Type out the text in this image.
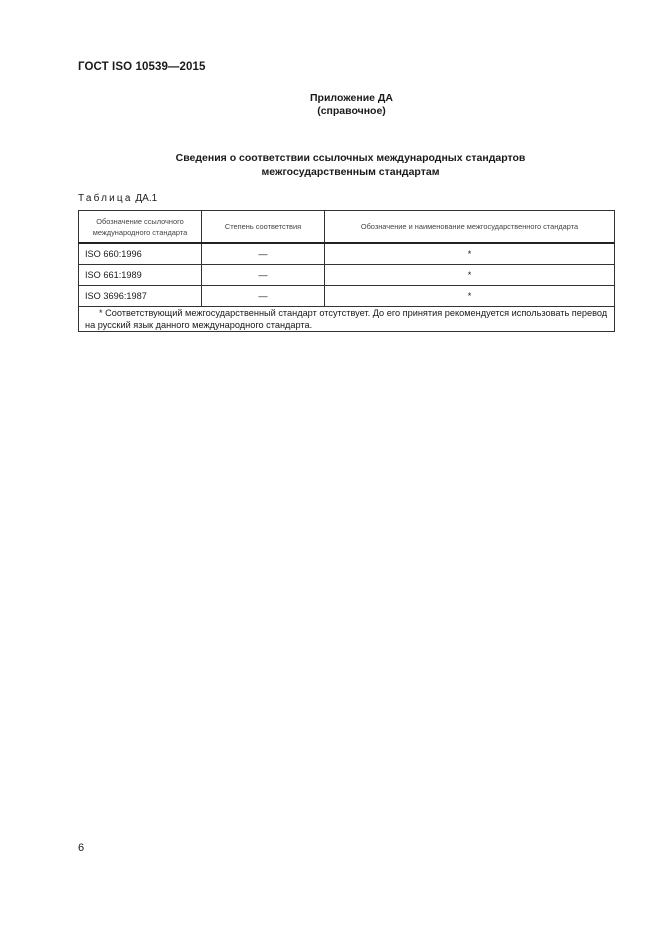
ГОСТ ISO 10539—2015
Приложение ДА
(справочное)
Сведения о соответствии ссылочных международных стандартов
межгосударственным стандартам
Таблица ДА.1
Обозначение ссылочного международного стандарта	Степень соответствия	Обозначение и наименование межгосударственного стандарта
ISO 660:1996	—	*
ISO 661:1989	—	*
ISO 3696:1987	—	*
* Соответствующий межгосударственный стандарт отсутствует. До его принятия рекомендуется использовать перевод на русский язык данного международного стандарта.		
6
